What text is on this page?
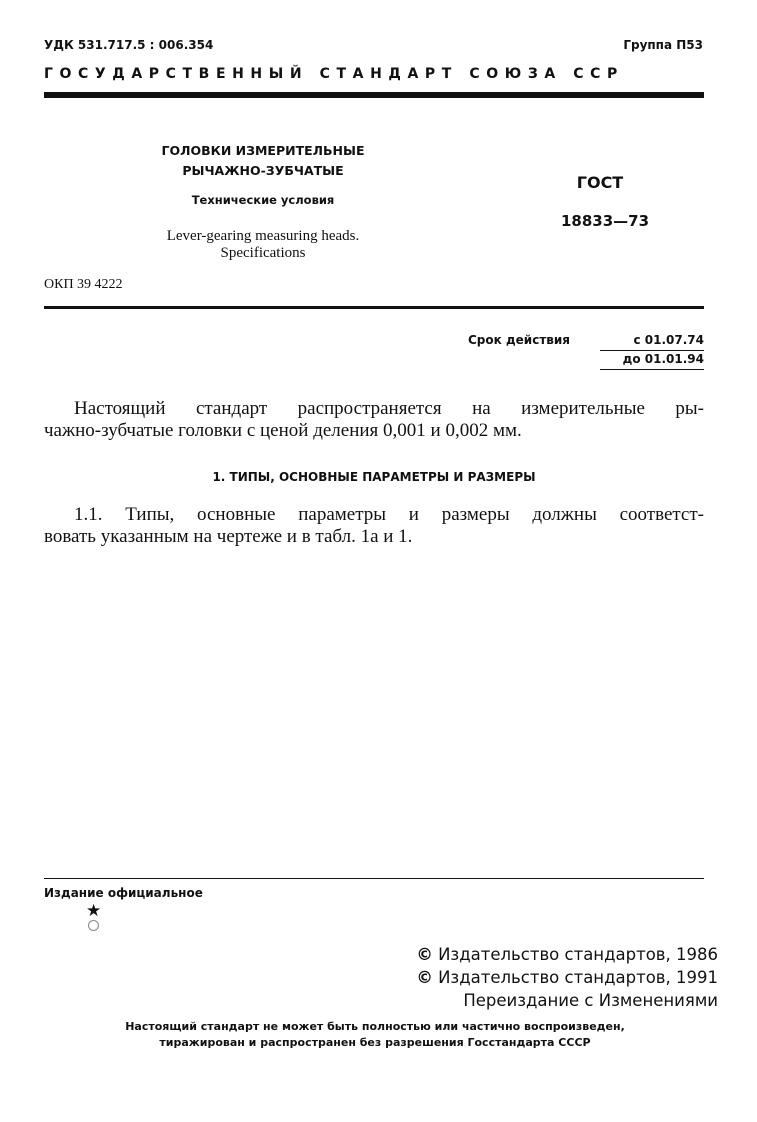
УДК 531.717.5 : 006.354	Группа П53
ГОСУДАРСТВЕННЫЙ СТАНДАРТ СОЮЗА ССР
ГОЛОВКИ ИЗМЕРИТЕЛЬНЫЕ
РЫЧАЖНО-ЗУБЧАТЫЕ
Технические условия
Lever-gearing measuring heads.
Specifications
ГОСТ
18833—73
ОКП 39 4222
Срок действия	с 01.07.74
до 01.01.94
Настоящий стандарт распространяется на измерительные ры-
чажно-зубчатые головки с ценой деления 0,001 и 0,002 мм.
1. ТИПЫ, ОСНОВНЫЕ ПАРАМЕТРЫ И РАЗМЕРЫ
1.1. Типы, основные параметры и размеры должны соответст-
вовать указанным на чертеже и в табл. 1а и 1.
Издание официальное
★
© Издательство стандартов, 1986
© Издательство стандартов, 1991
Переиздание с Изменениями
Настоящий стандарт не может быть полностью или частично воспроизведен,
тиражирован и распространен без разрешения Госстандарта СССР
